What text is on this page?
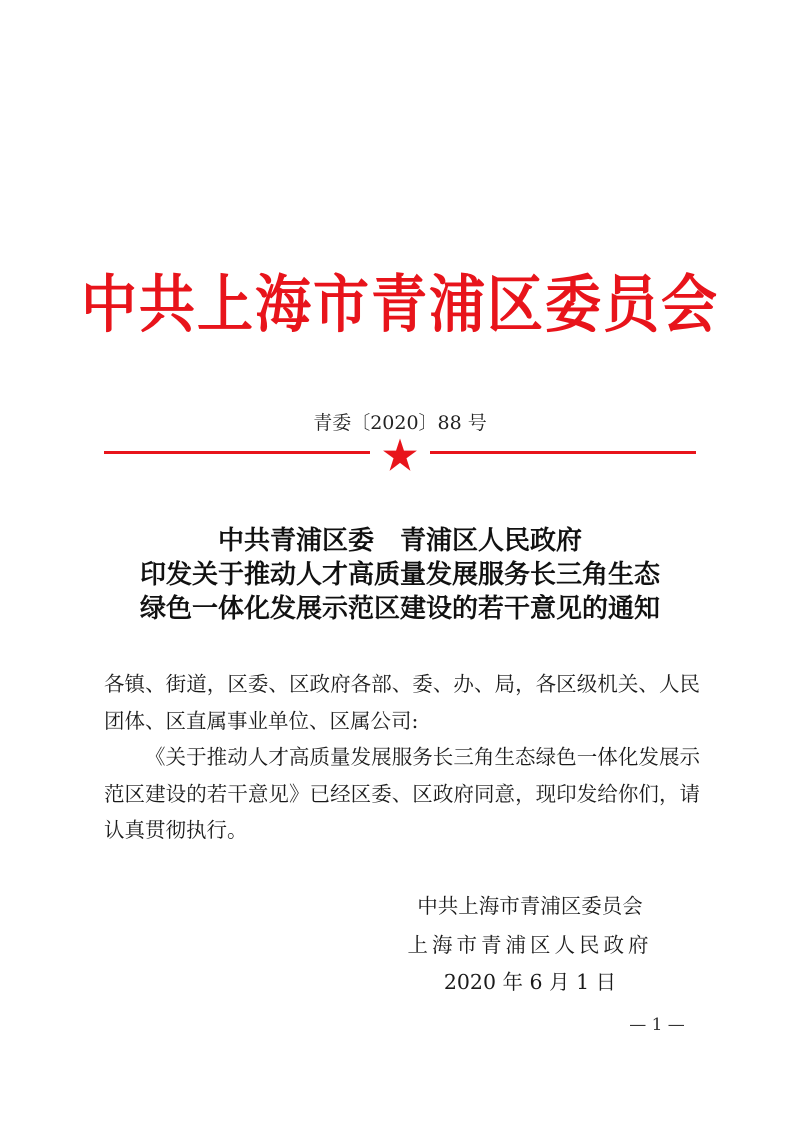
中共上海市青浦区委员会
青委〔2020〕88 号
中共青浦区委　青浦区人民政府
印发关于推动人才高质量发展服务长三角生态
绿色一体化发展示范区建设的若干意见的通知
各镇、街道，区委、区政府各部、委、办、局，各区级机关、人民团体、区直属事业单位、区属公司:
《关于推动人才高质量发展服务长三角生态绿色一体化发展示范区建设的若干意见》已经区委、区政府同意，现印发给你们，请认真贯彻执行。
中共上海市青浦区委员会
上海市青浦区人民政府
2020 年 6 月 1 日
— 1 —
